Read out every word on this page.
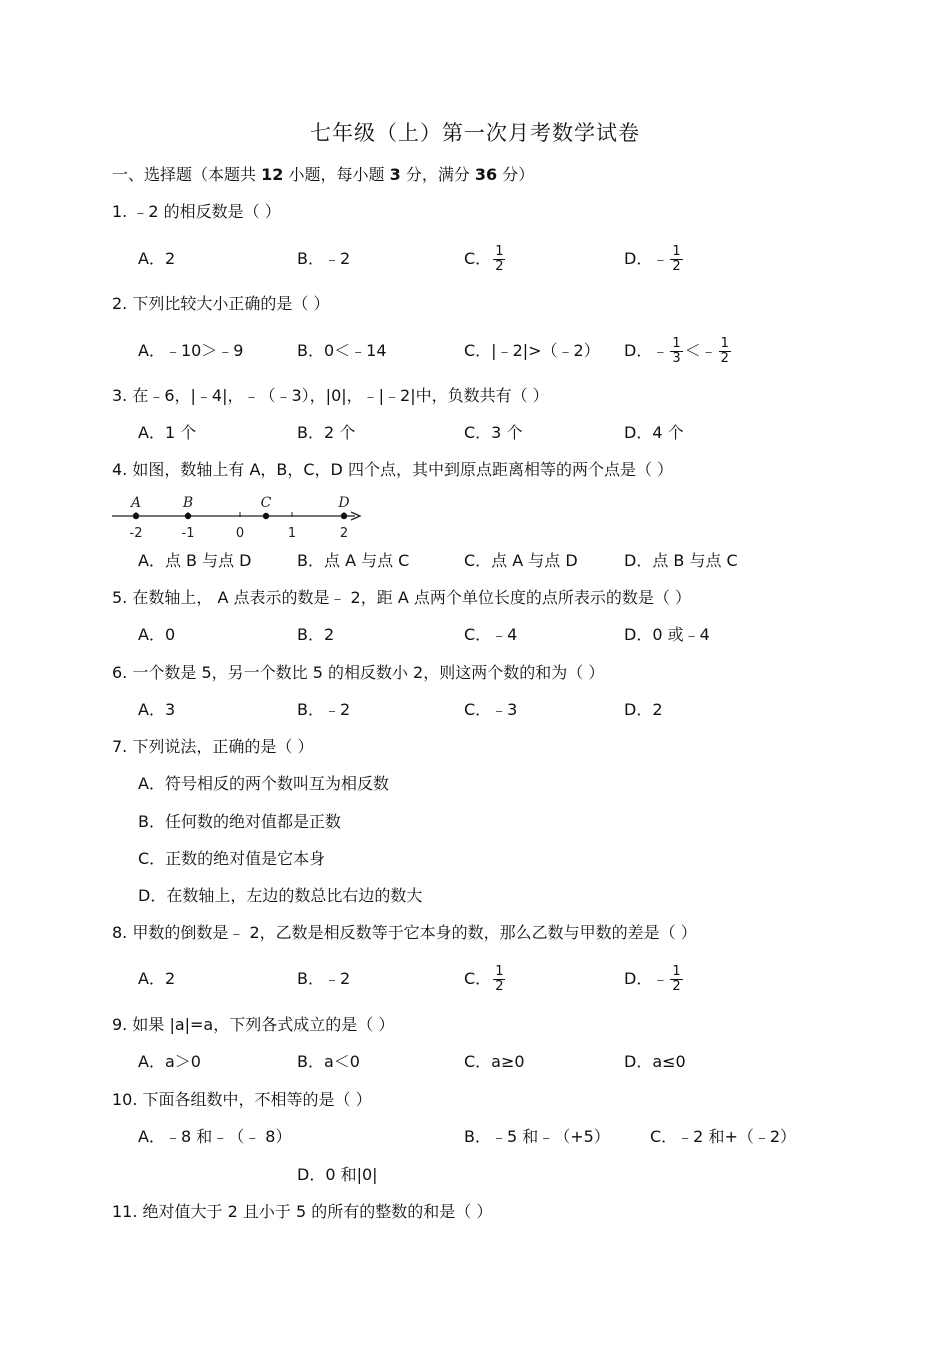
七年级（上）第一次月考数学试卷
一、选择题（本题共 12 小题，每小题 3 分，满分 36 分）
1. ﹣2 的相反数是（ ）
A．2	B．﹣2	C． $\frac{1}{2}$	D．﹣ $\frac{1}{2}$
2. 下列比较大小正确的是（ ）
A．﹣10＞﹣9	B．0＜﹣14	C．|﹣2|>（﹣2） D．﹣ $\frac{1}{3}$ ＜﹣ $\frac{1}{2}$
3. 在﹣6，|﹣4|，﹣（﹣3），|0|，﹣|﹣2|中，负数共有（ ）
A．1 个	B．2 个	C．3 个	D．4 个
4. 如图，数轴上有 A，B，C，D 四个点，其中到原点距离相等的两个点是（ ）
-2	-1	0	1	2
A	B	C	D
A．点 B 与点 D	B．点 A 与点 C	C．点 A 与点 D	D．点 B 与点 C
5. 在数轴上， A 点表示的数是﹣ 2，距 A 点两个单位长度的点所表示的数是（ ）
A．0	B．2	C．﹣4	D．0 或﹣4
6. 一个数是 5，另一个数比 5 的相反数小 2，则这两个数的和为（ ）
A．3	B．﹣2	C．﹣3	D．2
7. 下列说法，正确的是（ ）
A．符号相反的两个数叫互为相反数
B．任何数的绝对值都是正数
C．正数的绝对值是它本身
D．在数轴上，左边的数总比右边的数大
8. 甲数的倒数是﹣ 2，乙数是相反数等于它本身的数，那么乙数与甲数的差是（ ）
A．2	B．﹣2	C． $\frac{1}{2}$	D．﹣ $\frac{1}{2}$
9. 如果 |a|=a，下列各式成立的是（ ）
A．a＞0	B．a＜0	C．a≥0	D．a≤0
10. 下面各组数中，不相等的是（ ）
A．﹣8 和﹣（﹣ 8）	B．﹣5 和﹣（+5）	C．﹣2 和+（﹣2）
D．0 和|0|
11. 绝对值大于 2 且小于 5 的所有的整数的和是（ ）
